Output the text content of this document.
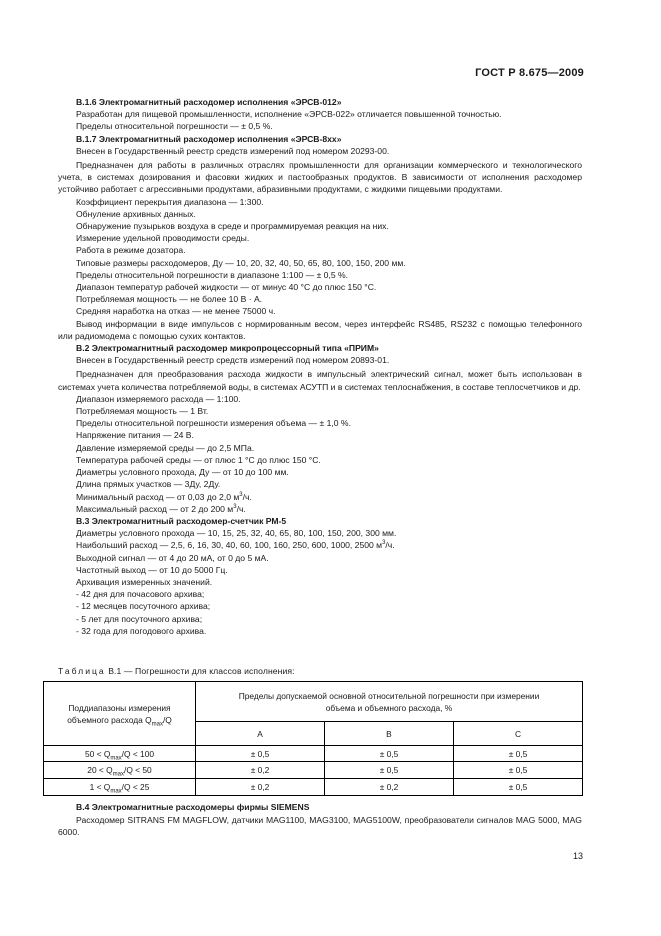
ГОСТ Р 8.675—2009

В.1.6 Электромагнитный расходомер исполнения «ЭРСВ-012»

Разработан для пищевой промышленности, исполнение «ЭРСВ-022» отличается повышенной точностью.

Пределы относительной погрешности — ± 0,5 %.

В.1.7 Электромагнитный расходомер исполнения «ЭРСВ-8хх»

Внесен в Государственный реестр средств измерений под номером 20293-00.

Предназначен для работы в различных отраслях промышленности для организации коммерческого и технологического учета, в системах дозирования и фасовки жидких и пастообразных продуктов. В зависимости от исполнения расходомер устойчиво работает с агрессивными продуктами, абразивными продуктами, с жидкими пищевыми продуктами.

Коэффициент перекрытия диапазона — 1:300.

Обнуление архивных данных.

Обнаружение пузырьков воздуха в среде и программируемая реакция на них.

Измерение удельной проводимости среды.

Работа в режиме дозатора.

Типовые размеры расходомеров, Ду — 10, 20, 32, 40, 50, 65, 80, 100, 150, 200 мм.

Пределы относительной погрешности в диапазоне 1:100 — ± 0,5 %.

Диапазон температур рабочей жидкости — от минус 40 °С до плюс 150 °С.

Потребляемая мощность — не более 10 В · А.

Средняя наработка на отказ — не менее 75000 ч.

Вывод информации в виде импульсов с нормированным весом, через интерфейс RS485, RS232 с помощью телефонного или радиомодема с помощью сухих контактов.

В.2 Электромагнитный расходомер микропроцессорный типа «ПРИМ»

Внесен в Государственный реестр средств измерений под номером 20893-01.

Предназначен для преобразования расхода жидкости в импульсный электрический сигнал, может быть использован в системах учета количества потребляемой воды, в системах АСУТП и в системах теплоснабжения, в составе теплосчетчиков и др.

Диапазон измеряемого расхода — 1:100.

Потребляемая мощность — 1 Вт.

Пределы относительной погрешности измерения объема — ± 1,0 %.

Напряжение питания — 24 В.

Давление измеряемой среды — до 2,5 МПа.

Температура рабочей среды — от плюс 1 °С до плюс 150 °С.

Диаметры условного прохода, Ду — от 10 до 100 мм.

Длина прямых участков — 3Ду, 2Ду.

Минимальный расход — от 0,03 до 2,0 $м^3/ч$.

Максимальный расход — от 2 до 200 $м^3/ч$.

В.3 Электромагнитный расходомер-счетчик РМ-5

Диаметры условного прохода — 10, 15, 25, 32, 40, 65, 80, 100, 150, 200, 300 мм.

Наибольший расход — 2,5, 6, 16, 30, 40, 60, 100, 160, 250, 600, 1000, 2500 $м^3/ч$.

Выходной сигнал — от 4 до 20 мА, от 0 до 5 мА.

Частотный выход — от 10 до 5000 Гц.

Архивация измеренных значений.

- 42 дня для почасового архива;

- 12 месяцев посуточного архива;

- 5 лет для посуточного архива;

- 32 года для погодового архива.

Таблица В.1 — Погрешности для классов исполнения:
Поддиапазоны измерения
объемного расхода $Q_{max}/Q$	Пределы допускаемой основной относительной погрешности при измерении объема и объемного расхода, %		
	А	В	С
$50 < Q_{max}/Q < 100$	± 0,5	± 0,5	± 0,5
$20 < Q_{max}/Q < 50$	± 0,2	± 0,5	± 0,5
$1 < Q_{max}/Q < 25$	± 0,2	± 0,2	± 0,5

В.4 Электромагнитные расходомеры фирмы SIEMENS

Расходомер SITRANS FM MAGFLOW, датчики MAG1100, MAG3100, MAG5100W, преобразователи сигналов MAG 5000, MAG 6000.

13
